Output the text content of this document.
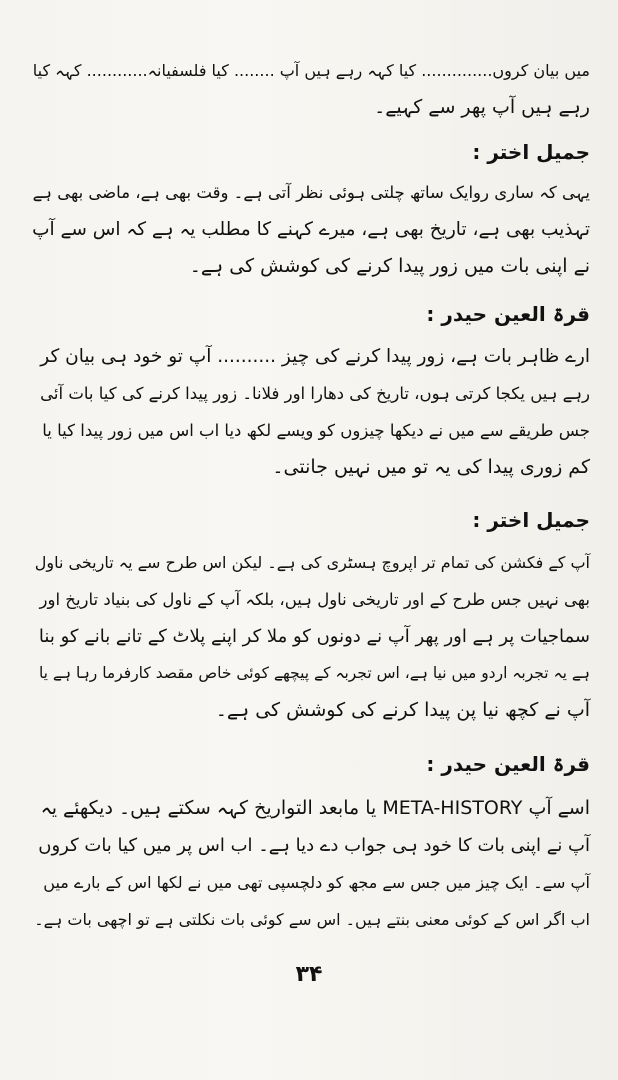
میں بیان کروں.............. کیا کہہ رہے ہیں آپ ........ کیا فلسفیانہ............ کہہ کیا
رہے ہیں آپ پھر سے کہیے۔
جمیل اختر :
یہی کہ ساری روایک ساتھ چلتی ہوئی نظر آتی ہے۔ وقت بھی ہے، ماضی بھی ہے
تہذیب بھی ہے، تاریخ بھی ہے، میرے کہنے کا مطلب یہ ہے کہ اس سے آپ
نے اپنی بات میں زور پیدا کرنے کی کوشش کی ہے۔
قرۃ العین حیدر :
ارے ظاہر بات ہے، زور پیدا کرنے کی چیز .......... آپ تو خود ہی بیان کر
رہے ہیں یکجا کرتی ہوں، تاریخ کی دھارا اور فلانا۔ زور پیدا کرنے کی کیا بات آئی
جس طریقے سے میں نے دیکھا چیزوں کو ویسے لکھ دیا اب اس میں زور پیدا کیا یا
کم زوری پیدا کی یہ تو میں نہیں جانتی۔
جمیل اختر :
آپ کے فکشن کی تمام تر اپروچ ہسٹری کی ہے۔ لیکن اس طرح سے یہ تاریخی ناول
بھی نہیں جس طرح کے اور تاریخی ناول ہیں، بلکہ آپ کے ناول کی بنیاد تاریخ اور
سماجیات پر ہے اور پھر آپ نے دونوں کو ملا کر اپنے پلاٹ کے تانے بانے کو بنا
ہے یہ تجربہ اردو میں نیا ہے، اس تجربہ کے پیچھے کوئی خاص مقصد کارفرما رہا ہے یا
آپ نے کچھ نیا پن پیدا کرنے کی کوشش کی ہے۔
قرۃ العین حیدر :
اسے آپ META-HISTORY یا مابعد التواریخ کہہ سکتے ہیں۔ دیکھئے یہ
آپ نے اپنی بات کا خود ہی جواب دے دیا ہے۔ اب اس پر میں کیا بات کروں
آپ سے۔ ایک چیز میں جس سے مجھ کو دلچسپی تھی میں نے لکھا اس کے بارے میں
اب اگر اس کے کوئی معنی بنتے ہیں۔ اس سے کوئی بات نکلتی ہے تو اچھی بات ہے۔
۳۴
